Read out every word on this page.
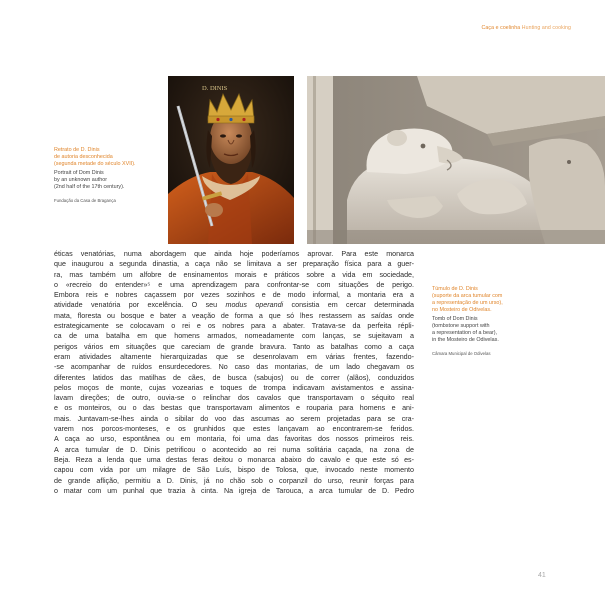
Caça e coelinha Hunting and cooking
Retrato de D. Dinis
de autoria desconhecida
(segunda metade do século XVII).
Portrait of Dom Dinis
by an unknown author
(2nd half of the 17th century).
Fundação da Casa de Bragança
D. DINIS
éticas venatórias, numa abordagem que ainda hoje poderíamos aprovar. Para este monarca
que inaugurou a segunda dinastia, a caça não se limitava a ser preparação física para a guer-
ra, mas também um alfobre de ensinamentos morais e práticos sobre a vida em sociedade,
o «recreio do entender»⁵ e uma aprendizagem para confrontar-se com situações de perigo.
Embora reis e nobres caçassem por vezes sozinhos e de modo informal, a montaria era a
atividade venatória por excelência. O seu modus operandi consistia em cercar determinada
mata, floresta ou bosque e bater a veação de forma a que só lhes restassem as saídas onde
estrategicamente se colocavam o rei e os nobres para a abater. Tratava-se da perfeita répli-
ca de uma batalha em que homens armados, nomeadamente com lanças, se sujeitavam a
perigos vários em situações que careciam de grande bravura. Tanto as batalhas como a caça
eram atividades altamente hierarquizadas que se desenrolavam em várias frentes, fazendo-
-se acompanhar de ruídos ensurdecedores. No caso das montarias, de um lado chegavam os
diferentes latidos das matilhas de cães, de busca (sabujos) ou de correr (alãos), conduzidos
pelos moços de monte, cujas vozearias e toques de trompa indicavam avistamentos e assina-
lavam direções; de outro, ouvia-se o relinchar dos cavalos que transportavam o séquito real
e os monteiros, ou o das bestas que transportavam alimentos e rouparia para homens e ani-
mais. Juntavam-se-lhes ainda o sibilar do voo das ascumas ao serem projetadas para se cra-
varem nos porcos-monteses, e os grunhidos que estes lançavam ao encontrarem-se feridos.
A caça ao urso, espontânea ou em montaria, foi uma das favoritas dos nossos primeiros reis.
A arca tumular de D. Dinis petrificou o acontecido ao rei numa solitária caçada, na zona de
Beja. Reza a lenda que uma destas feras deitou o monarca abaixo do cavalo e que este só es-
capou com vida por um milagre de São Luís, bispo de Tolosa, que, invocado neste momento
de grande aflição, permitiu a D. Dinis, já no chão sob o corpanzil do urso, reunir forças para
o matar com um punhal que trazia à cinta. Na igreja de Tarouca, a arca tumular de D. Pedro
Túmulo de D. Dinis
(suporte da arca tumular com
a representação de um urso),
no Mosteiro de Odivelas.
Tomb of Dom Dinis
(tombstone support with
a representation of a bear),
in the Mosteiro de Odivelas.
Câmara Municipal de Odivelas
41
